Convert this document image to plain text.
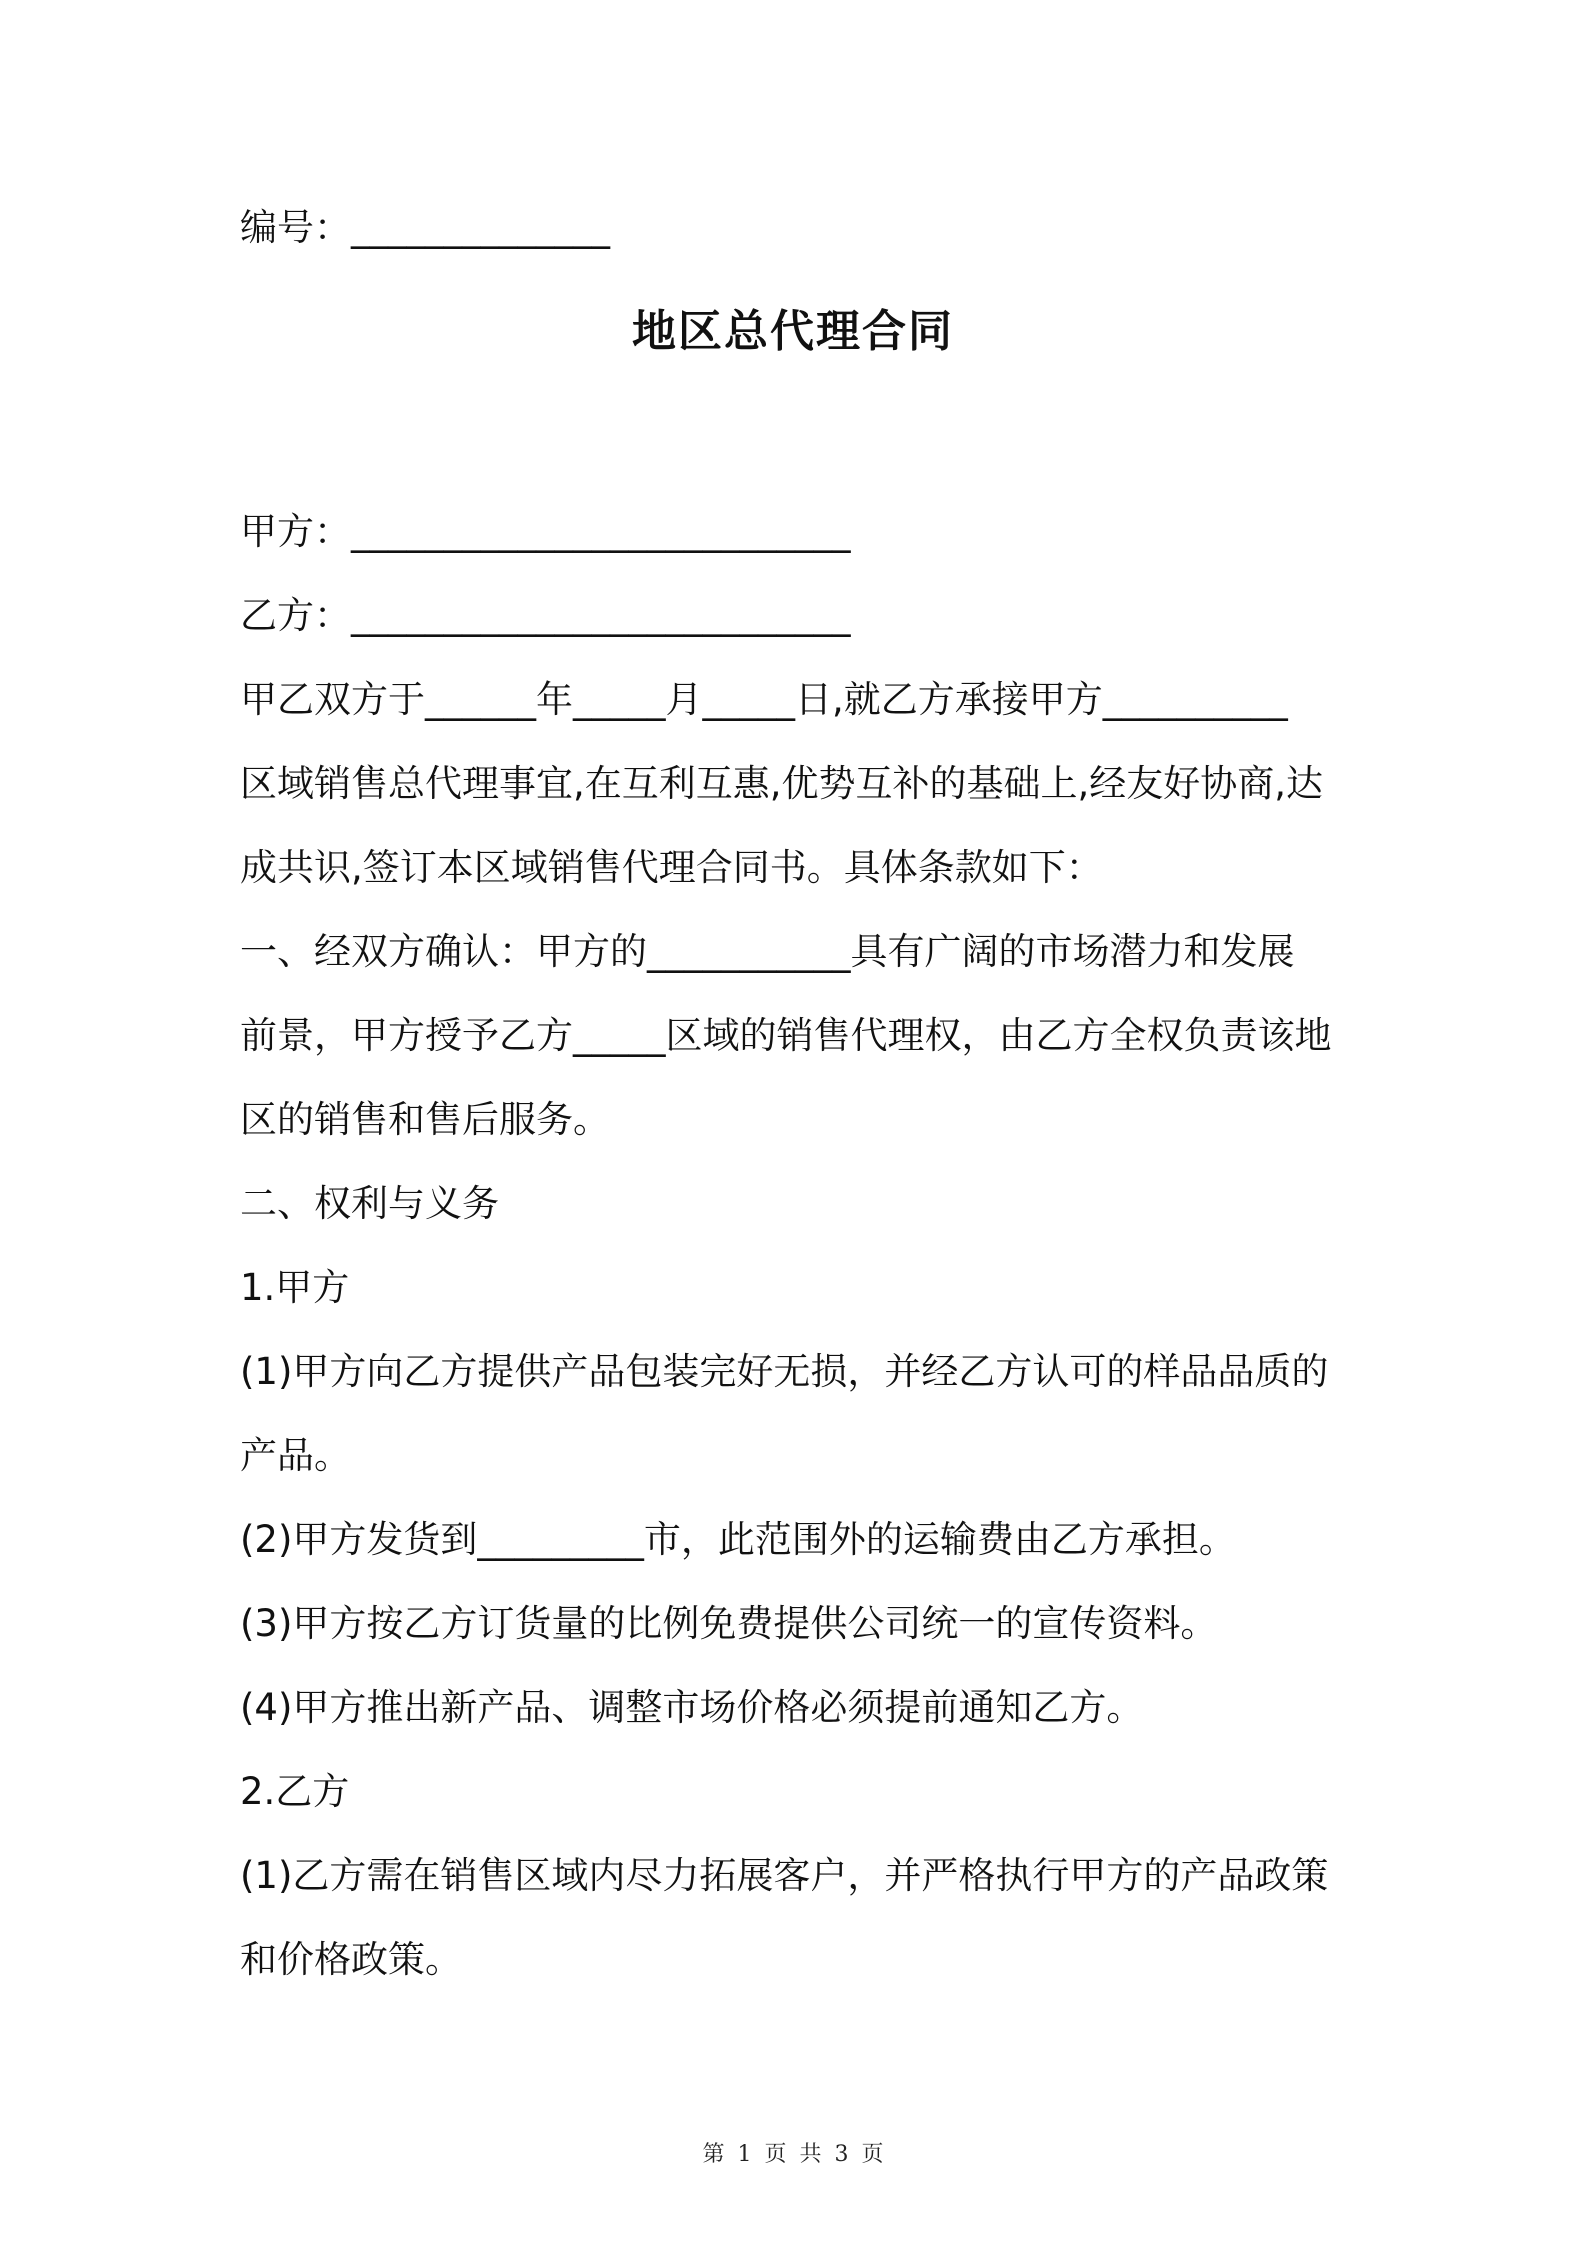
编号：______________
地区总代理合同

甲方：___________________________

乙方：___________________________

甲乙双方于______年_____月_____日,就乙方承接甲方__________

区域销售总代理事宜,在互利互惠,优势互补的基础上,经友好协商,达

成共识,签订本区域销售代理合同书。具体条款如下：

一、经双方确认：甲方的___________具有广阔的市场潜力和发展

前景，甲方授予乙方_____区域的销售代理权，由乙方全权负责该地

区的销售和售后服务。

二、权利与义务

1.甲方

(1)甲方向乙方提供产品包装完好无损，并经乙方认可的样品品质的

产品。

(2)甲方发货到_________市，此范围外的运输费由乙方承担。

(3)甲方按乙方订货量的比例免费提供公司统一的宣传资料。

(4)甲方推出新产品、调整市场价格必须提前通知乙方。

2.乙方

(1)乙方需在销售区域内尽力拓展客户，并严格执行甲方的产品政策

和价格政策。

第 1 页 共 3 页
